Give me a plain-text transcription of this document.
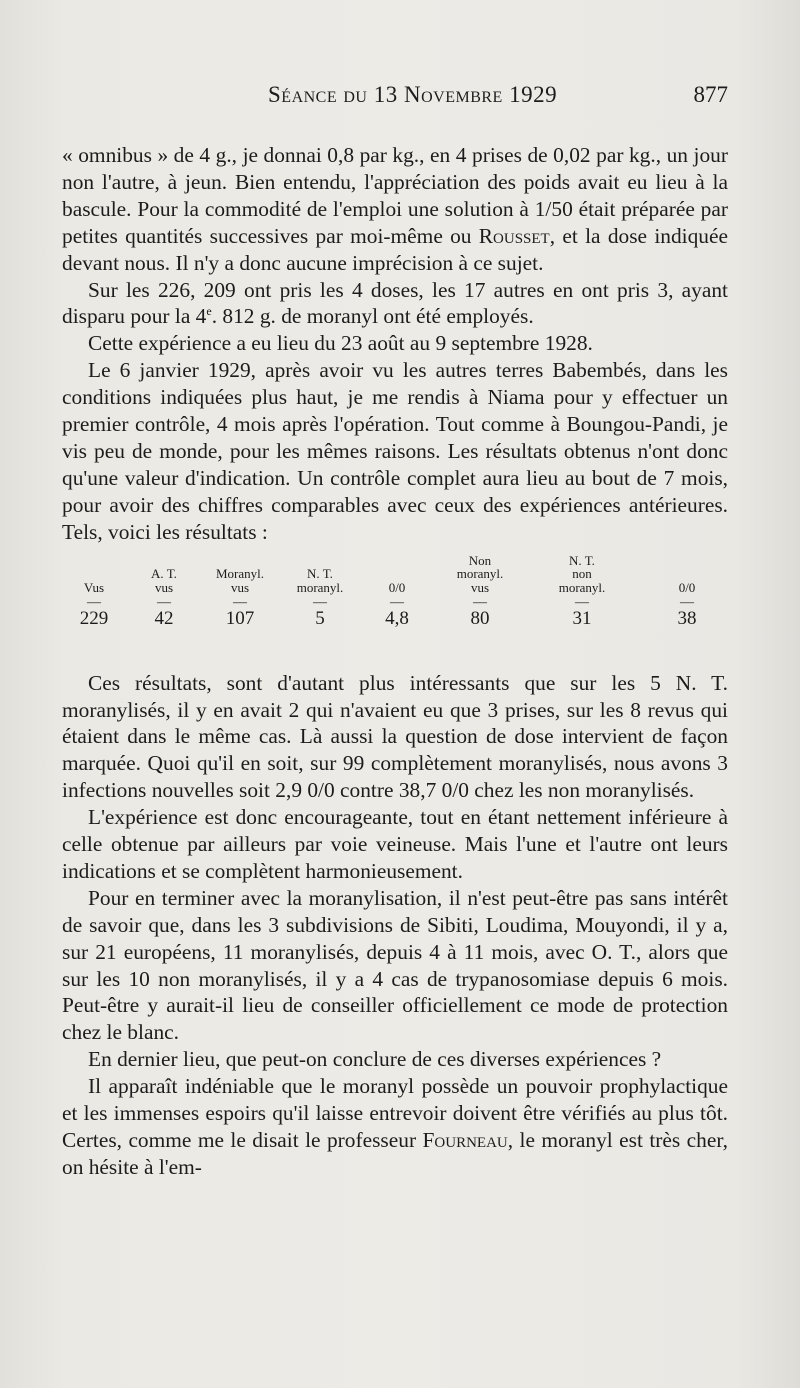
Séance du 13 Novembre 1929	877

« omnibus » de 4 g., je donnai 0,8 par kg., en 4 prises de 0,02 par kg., un jour non l'autre, à jeun. Bien entendu, l'appréciation des poids avait eu lieu à la bascule. Pour la commodité de l'emploi une solution à 1/50 était préparée par petites quantités successives par moi-même ou Rousset, et la dose indiquée devant nous. Il n'y a donc aucune imprécision à ce sujet.

Sur les 226, 209 ont pris les 4 doses, les 17 autres en ont pris 3, ayant disparu pour la 4e. 812 g. de moranyl ont été employés.

Cette expérience a eu lieu du 23 août au 9 septembre 1928.

Le 6 janvier 1929, après avoir vu les autres terres Babembés, dans les conditions indiquées plus haut, je me rendis à Niama pour y effectuer un premier contrôle, 4 mois après l'opération. Tout comme à Boungou-Pandi, je vis peu de monde, pour les mêmes raisons. Les résultats obtenus n'ont donc qu'une valeur d'indication. Un contrôle complet aura lieu au bout de 7 mois, pour avoir des chiffres comparables avec ceux des expériences antérieures. Tels, voici les résultats :

Vus
—
229
A. T.
vus
—
42
Moranyl.
vus
—
107
N. T.
moranyl.
—
5
0/0
—
4,8
Non
moranyl.
vus
—
80
N. T.
non
moranyl.
—
31
0/0
—
38

Ces résultats, sont d'autant plus intéressants que sur les 5 N. T. moranylisés, il y en avait 2 qui n'avaient eu que 3 prises, sur les 8 revus qui étaient dans le même cas. Là aussi la question de dose intervient de façon marquée. Quoi qu'il en soit, sur 99 complètement moranylisés, nous avons 3 infections nouvelles soit 2,9 0/0 contre 38,7 0/0 chez les non moranylisés.

L'expérience est donc encourageante, tout en étant nettement inférieure à celle obtenue par ailleurs par voie veineuse. Mais l'une et l'autre ont leurs indications et se complètent harmonieusement.

Pour en terminer avec la moranylisation, il n'est peut-être pas sans intérêt de savoir que, dans les 3 subdivisions de Sibiti, Loudima, Mouyondi, il y a, sur 21 européens, 11 moranylisés, depuis 4 à 11 mois, avec O. T., alors que sur les 10 non moranylisés, il y a 4 cas de trypanosomiase depuis 6 mois. Peut-être y aurait-il lieu de conseiller officiellement ce mode de protection chez le blanc.

En dernier lieu, que peut-on conclure de ces diverses expériences ?

Il apparaît indéniable que le moranyl possède un pouvoir prophylactique et les immenses espoirs qu'il laisse entrevoir doivent être vérifiés au plus tôt. Certes, comme me le disait le professeur Fourneau, le moranyl est très cher, on hésite à l'em-
